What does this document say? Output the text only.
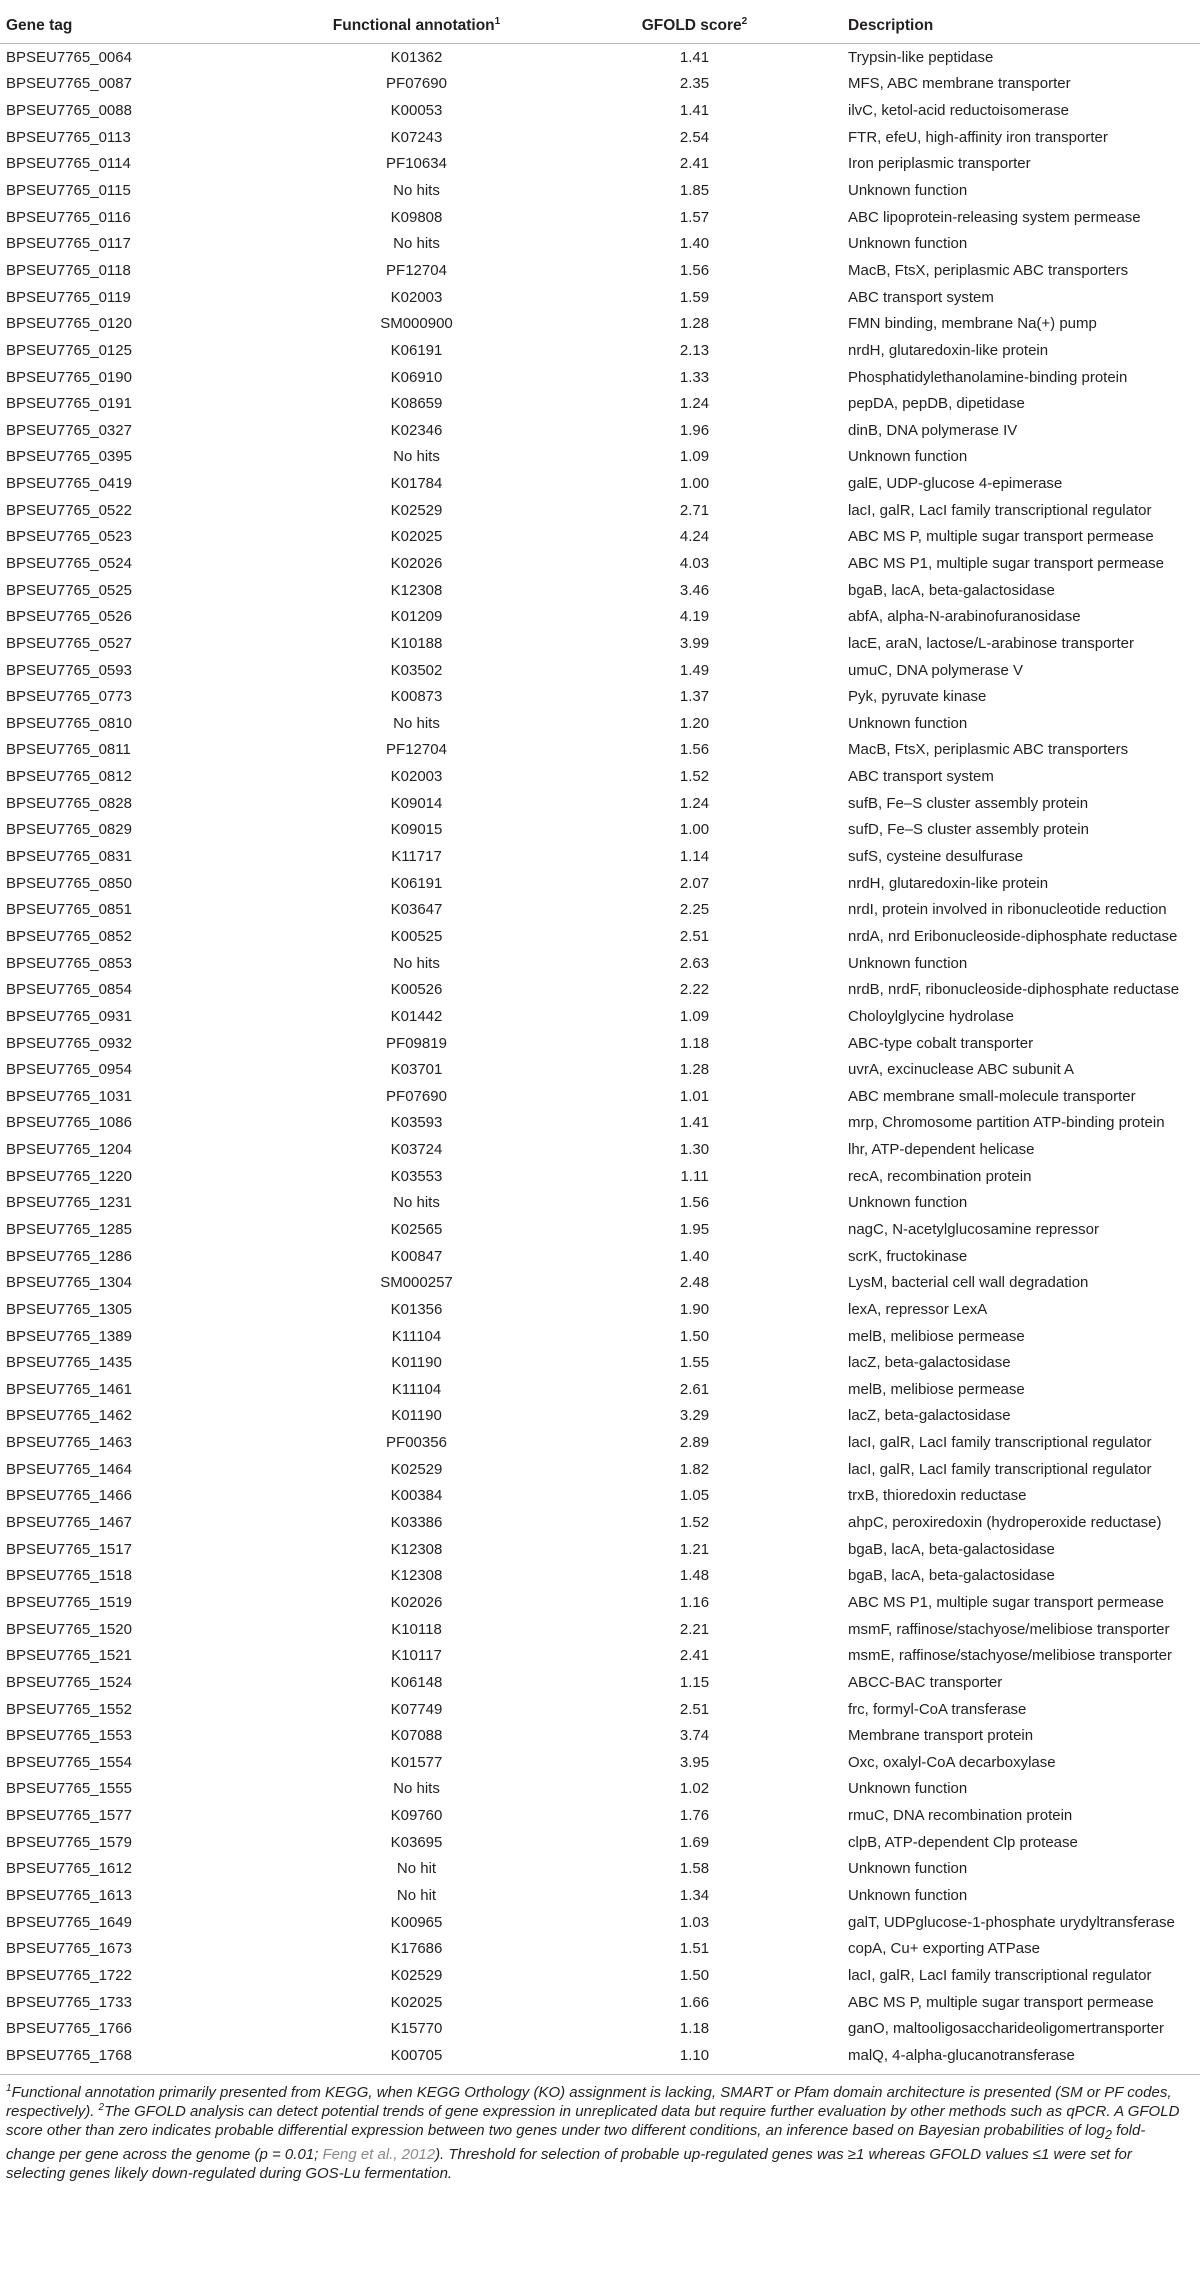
Gene tag	Functional annotation$^1$	GFOLD score$^2$	Description
BPSEU7765_0064	K01362	1.41	Trypsin-like peptidase
BPSEU7765_0087	PF07690	2.35	MFS, ABC membrane transporter
BPSEU7765_0088	K00053	1.41	ilvC, ketol-acid reductoisomerase
BPSEU7765_0113	K07243	2.54	FTR, efeU, high-affinity iron transporter
BPSEU7765_0114	PF10634	2.41	Iron periplasmic transporter
BPSEU7765_0115	No hits	1.85	Unknown function
BPSEU7765_0116	K09808	1.57	ABC lipoprotein-releasing system permease
BPSEU7765_0117	No hits	1.40	Unknown function
BPSEU7765_0118	PF12704	1.56	MacB, FtsX, periplasmic ABC transporters
BPSEU7765_0119	K02003	1.59	ABC transport system
BPSEU7765_0120	SM000900	1.28	FMN binding, membrane Na(+) pump
BPSEU7765_0125	K06191	2.13	nrdH, glutaredoxin-like protein
BPSEU7765_0190	K06910	1.33	Phosphatidylethanolamine-binding protein
BPSEU7765_0191	K08659	1.24	pepDA, pepDB, dipetidase
BPSEU7765_0327	K02346	1.96	dinB, DNA polymerase IV
BPSEU7765_0395	No hits	1.09	Unknown function
BPSEU7765_0419	K01784	1.00	galE, UDP-glucose 4-epimerase
BPSEU7765_0522	K02529	2.71	lacI, galR, LacI family transcriptional regulator
BPSEU7765_0523	K02025	4.24	ABC MS P, multiple sugar transport permease
BPSEU7765_0524	K02026	4.03	ABC MS P1, multiple sugar transport permease
BPSEU7765_0525	K12308	3.46	bgaB, lacA, beta-galactosidase
BPSEU7765_0526	K01209	4.19	abfA, alpha-N-arabinofuranosidase
BPSEU7765_0527	K10188	3.99	lacE, araN, lactose/L-arabinose transporter
BPSEU7765_0593	K03502	1.49	umuC, DNA polymerase V
BPSEU7765_0773	K00873	1.37	Pyk, pyruvate kinase
BPSEU7765_0810	No hits	1.20	Unknown function
BPSEU7765_0811	PF12704	1.56	MacB, FtsX, periplasmic ABC transporters
BPSEU7765_0812	K02003	1.52	ABC transport system
BPSEU7765_0828	K09014	1.24	sufB, Fe–S cluster assembly protein
BPSEU7765_0829	K09015	1.00	sufD, Fe–S cluster assembly protein
BPSEU7765_0831	K11717	1.14	sufS, cysteine desulfurase
BPSEU7765_0850	K06191	2.07	nrdH, glutaredoxin-like protein
BPSEU7765_0851	K03647	2.25	nrdI, protein involved in ribonucleotide reduction
BPSEU7765_0852	K00525	2.51	nrdA, nrd Eribonucleoside-diphosphate reductase
BPSEU7765_0853	No hits	2.63	Unknown function
BPSEU7765_0854	K00526	2.22	nrdB, nrdF, ribonucleoside-diphosphate reductase
BPSEU7765_0931	K01442	1.09	Choloylglycine hydrolase
BPSEU7765_0932	PF09819	1.18	ABC-type cobalt transporter
BPSEU7765_0954	K03701	1.28	uvrA, excinuclease ABC subunit A
BPSEU7765_1031	PF07690	1.01	ABC membrane small-molecule transporter
BPSEU7765_1086	K03593	1.41	mrp, Chromosome partition ATP-binding protein
BPSEU7765_1204	K03724	1.30	lhr, ATP-dependent helicase
BPSEU7765_1220	K03553	1.11	recA, recombination protein
BPSEU7765_1231	No hits	1.56	Unknown function
BPSEU7765_1285	K02565	1.95	nagC, N-acetylglucosamine repressor
BPSEU7765_1286	K00847	1.40	scrK, fructokinase
BPSEU7765_1304	SM000257	2.48	LysM, bacterial cell wall degradation
BPSEU7765_1305	K01356	1.90	lexA, repressor LexA
BPSEU7765_1389	K11104	1.50	melB, melibiose permease
BPSEU7765_1435	K01190	1.55	lacZ, beta-galactosidase
BPSEU7765_1461	K11104	2.61	melB, melibiose permease
BPSEU7765_1462	K01190	3.29	lacZ, beta-galactosidase
BPSEU7765_1463	PF00356	2.89	lacI, galR, LacI family transcriptional regulator
BPSEU7765_1464	K02529	1.82	lacI, galR, LacI family transcriptional regulator
BPSEU7765_1466	K00384	1.05	trxB, thioredoxin reductase
BPSEU7765_1467	K03386	1.52	ahpC, peroxiredoxin (hydroperoxide reductase)
BPSEU7765_1517	K12308	1.21	bgaB, lacA, beta-galactosidase
BPSEU7765_1518	K12308	1.48	bgaB, lacA, beta-galactosidase
BPSEU7765_1519	K02026	1.16	ABC MS P1, multiple sugar transport permease
BPSEU7765_1520	K10118	2.21	msmF, raffinose/stachyose/melibiose transporter
BPSEU7765_1521	K10117	2.41	msmE, raffinose/stachyose/melibiose transporter
BPSEU7765_1524	K06148	1.15	ABCC-BAC transporter
BPSEU7765_1552	K07749	2.51	frc, formyl-CoA transferase
BPSEU7765_1553	K07088	3.74	Membrane transport protein
BPSEU7765_1554	K01577	3.95	Oxc, oxalyl-CoA decarboxylase
BPSEU7765_1555	No hits	1.02	Unknown function
BPSEU7765_1577	K09760	1.76	rmuC, DNA recombination protein
BPSEU7765_1579	K03695	1.69	clpB, ATP-dependent Clp protease
BPSEU7765_1612	No hit	1.58	Unknown function
BPSEU7765_1613	No hit	1.34	Unknown function
BPSEU7765_1649	K00965	1.03	galT, UDPglucose-1-phosphate urydyltransferase
BPSEU7765_1673	K17686	1.51	copA, Cu+ exporting ATPase
BPSEU7765_1722	K02529	1.50	lacI, galR, LacI family transcriptional regulator
BPSEU7765_1733	K02025	1.66	ABC MS P, multiple sugar transport permease
BPSEU7765_1766	K15770	1.18	ganO, maltooligosaccharideoligomertransporter
BPSEU7765_1768	K00705	1.10	malQ, 4-alpha-glucanotransferase

$^1$Functional annotation primarily presented from KEGG, when KEGG Orthology (KO) assignment is lacking, SMART or Pfam domain architecture is presented (SM or PF codes, respectively). $^2$The GFOLD analysis can detect potential trends of gene expression in unreplicated data but require further evaluation by other methods such as qPCR. A GFOLD score other than zero indicates probable differential expression between two genes under two different conditions, an inference based on Bayesian probabilities of $\log_2$ fold-change per gene across the genome (p = 0.01; Feng et al., 2012). Threshold for selection of probable up-regulated genes was ≥1 whereas GFOLD values ≤1 were set for selecting genes likely down-regulated during GOS-Lu fermentation.
